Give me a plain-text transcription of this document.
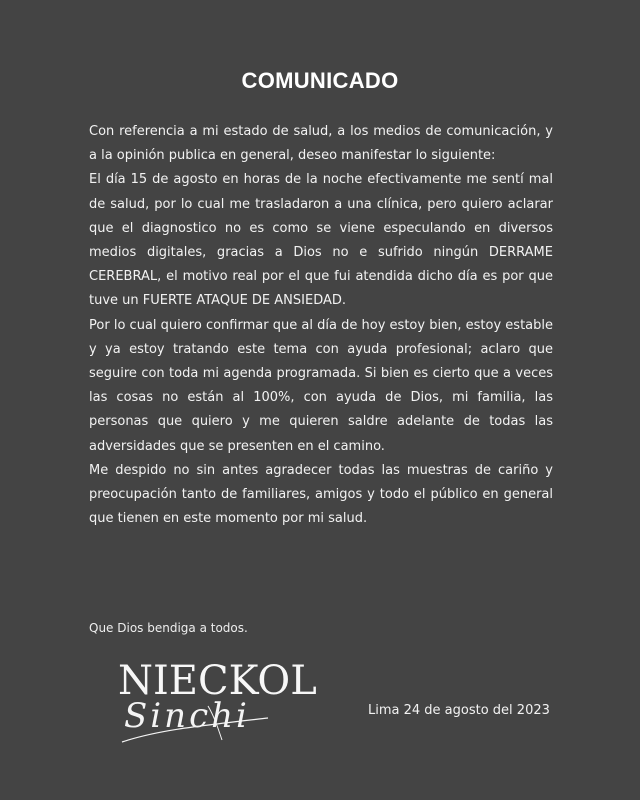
COMUNICADO

Con referencia a mi estado de salud, a los medios de comunicación, y a la opinión publica en general, deseo manifestar lo siguiente:

El día 15 de agosto en horas de la noche efectivamente me sentí mal de salud, por lo cual me trasladaron a una clínica, pero quiero aclarar que el diagnostico no es como se viene especulando en diversos medios digitales, gracias a Dios no e sufrido ningún DERRAME CEREBRAL, el motivo real por el que fui atendida dicho día es por que tuve un FUERTE ATAQUE DE ANSIEDAD.

Por lo cual quiero confirmar que al día de hoy estoy bien, estoy estable y ya estoy tratando este tema con ayuda profesional; aclaro que seguire con toda mi agenda programada. Si bien es cierto que a veces las cosas no están al 100%, con ayuda de Dios, mi familia, las personas que quiero y me quieren saldre adelante de todas las adversidades que se presenten en el camino.

Me despido no sin antes agradecer todas las muestras de cariño y preocupación tanto de familiares, amigos y todo el público en general que tienen en este momento por mi salud.

Que Dios bendiga a todos.
NIECKOL
Sinchi	Lima 24 de agosto del 2023
